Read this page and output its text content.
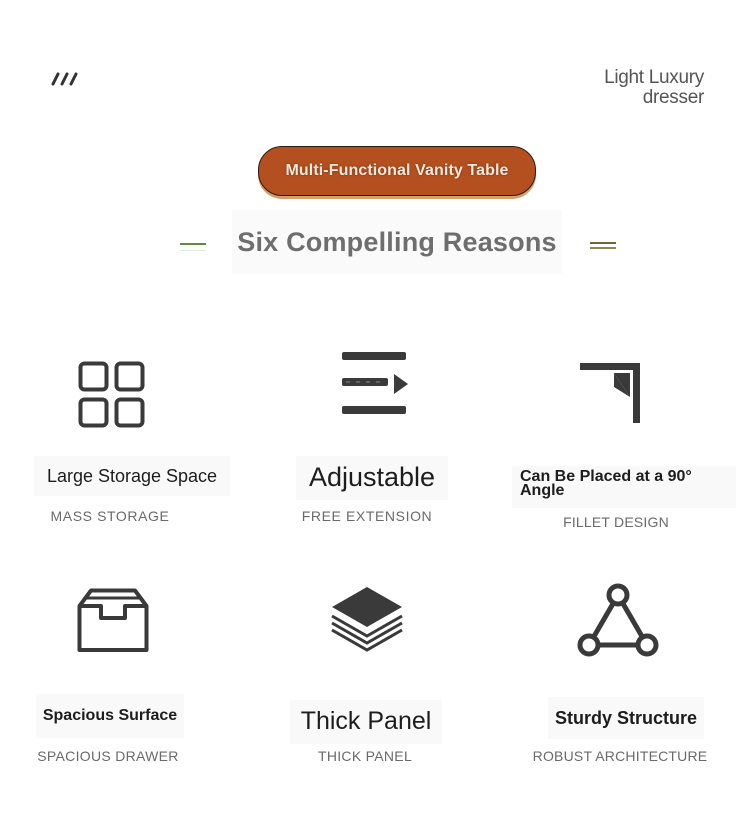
Light Luxury
dresser
Multi-Functional Vanity Table
Six Compelling Reasons
Large Storage Space
MASS STORAGE
Adjustable
FREE EXTENSION
Can Be Placed at a 90° Angle
FILLET DESIGN
Spacious Surface
SPACIOUS DRAWER
Thick Panel
THICK PANEL
Sturdy Structure
ROBUST ARCHITECTURE
